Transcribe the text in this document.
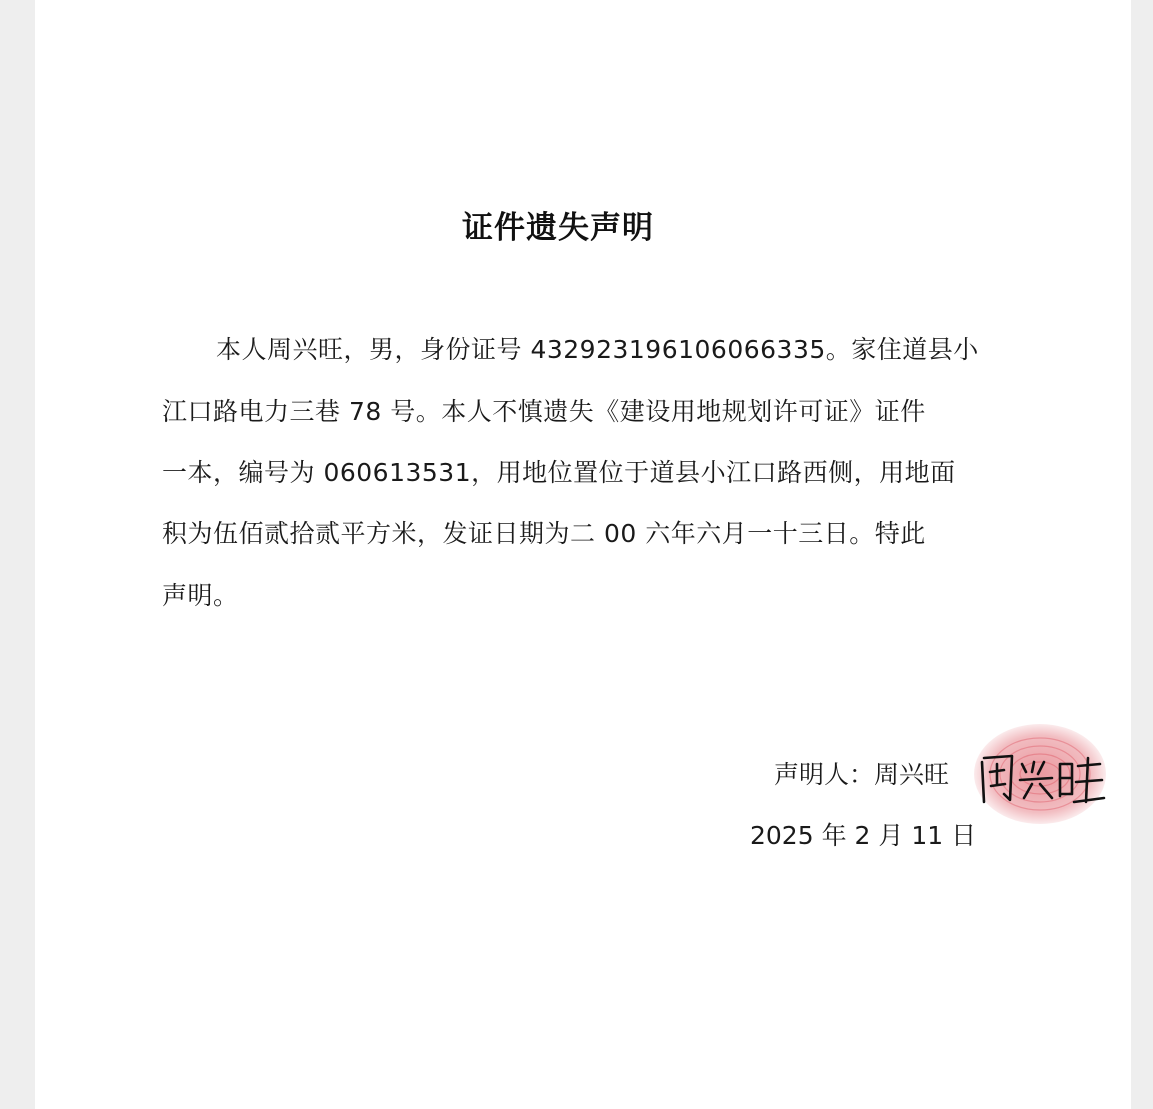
证件遗失声明
本人周兴旺，男，身份证号 432923196106066335。家住道县小
江口路电力三巷 78 号。本人不慎遗失《建设用地规划许可证》证件
一本，编号为 060613531，用地位置位于道县小江口路西侧，用地面
积为伍佰贰拾贰平方米，发证日期为二 00 六年六月一十三日。特此
声明。
声明人：周兴旺
2025 年 2 月 11 日
